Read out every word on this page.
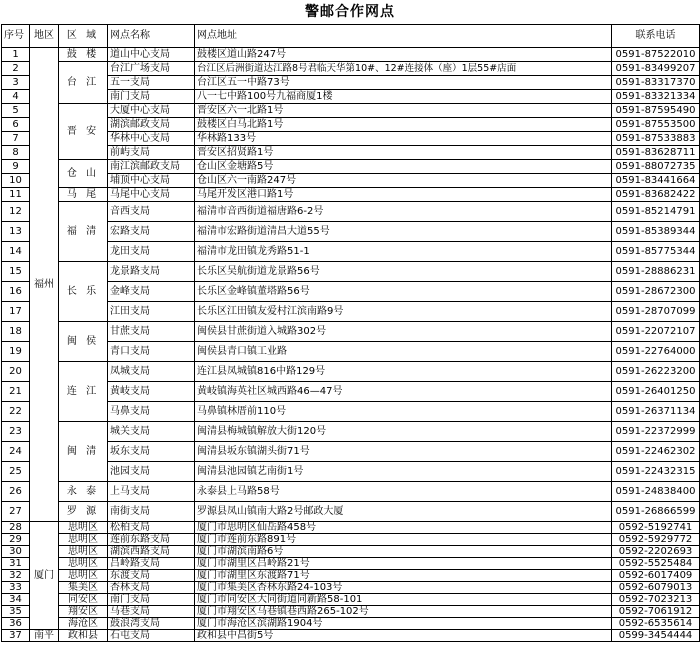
警邮合作网点
序号	地区	区 域	网点名称	网点地址	联系电话
1	福州	鼓 楼	道山中心支局	鼓楼区道山路247号	0591-87522010
2		台 江	台江广场支局	台江区后洲街道达江路8号君临天华第10#、12#连接体（座）1层55#店面	0591-83499207
3			五一支局	台江区五一中路73号	0591-83317370
4			南门支局	八一七中路100号九福商厦1楼	0591-83321334
5		晋 安	大厦中心支局	晋安区六一北路1号	0591-87595490
6			湖滨邮政支局	鼓楼区白马北路1号	0591-87553500
7			华林中心支局	华林路133号	0591-87533883
8			前屿支局	晋安区招贤路1号	0591-83628711
9		仓 山	南江滨邮政支局	仓山区金塘路5号	0591-88072735
10			埔顶中心支局	仓山区六一南路247号	0591-83441664
11		马 尾	马尾中心支局	马尾开发区港口路1号	0591-83682422
12		福 清	音西支局	福清市音西街道福唐路6-2号	0591-85214791
13			宏路支局	福清市宏路街道清昌大道55号	0591-85389344
14			龙田支局	福清市龙田镇龙秀路51-1	0591-85775344
15		长 乐	龙景路支局	长乐区吴航街道龙景路56号	0591-28886231
16			金峰支局	长乐区金峰镇董塔路56号	0591-28672300
17			江田支局	长乐区江田镇友爱村江滨南路9号	0591-28707099
18		闽 侯	甘蔗支局	闽侯县甘蔗街道入城路302号	0591-22072107
19			青口支局	闽侯县青口镇工业路	0591-22764000
20		连 江	凤城支局	连江县凤城镇816中路129号	0591-26223200
21			黄岐支局	黄岐镇海英社区城西路46—47号	0591-26401250
22			马鼻支局	马鼻镇林厝前110号	0591-26371134
23		闽 清	城关支局	闽清县梅城镇解放大街120号	0591-22372999
24			坂东支局	闽清县坂东镇湖头街71号	0591-22462302
25			池园支局	闽清县池园镇艺南街1号	0591-22432315
26		永 泰	上马支局	永泰县上马路58号	0591-24838400
27		罗 源	南街支局	罗源县凤山镇南大路2号邮政大厦	0591-26866599
28	厦门	思明区	松柏支局	厦门市思明区仙岳路458号	0592-5192741
29		思明区	莲前东路支局	厦门市莲前东路891号	0592-5929772
30		思明区	湖滨西路支局	厦门市湖滨南路6号	0592-2202693
31		思明区	吕岭路支局	厦门市湖里区吕岭路21号	0592-5525484
32		思明区	东渡支局	厦门市湖里区东渡路71号	0592-6017409
33		集美区	杏林支局	厦门市集美区杏林东路24-103号	0592-6079013
34		同安区	南门支局	厦门市同安区大同街道同新路58-101	0592-7023213
35		翔安区	马巷支局	厦门市翔安区马巷镇巷西路265-102号	0592-7061912
36		海沧区	鼓浪湾支局	厦门市海沧区滨湖路1904号	0592-6535614
37	南平	政和县	石屯支局	政和县中昌街5号	0599-3454444
